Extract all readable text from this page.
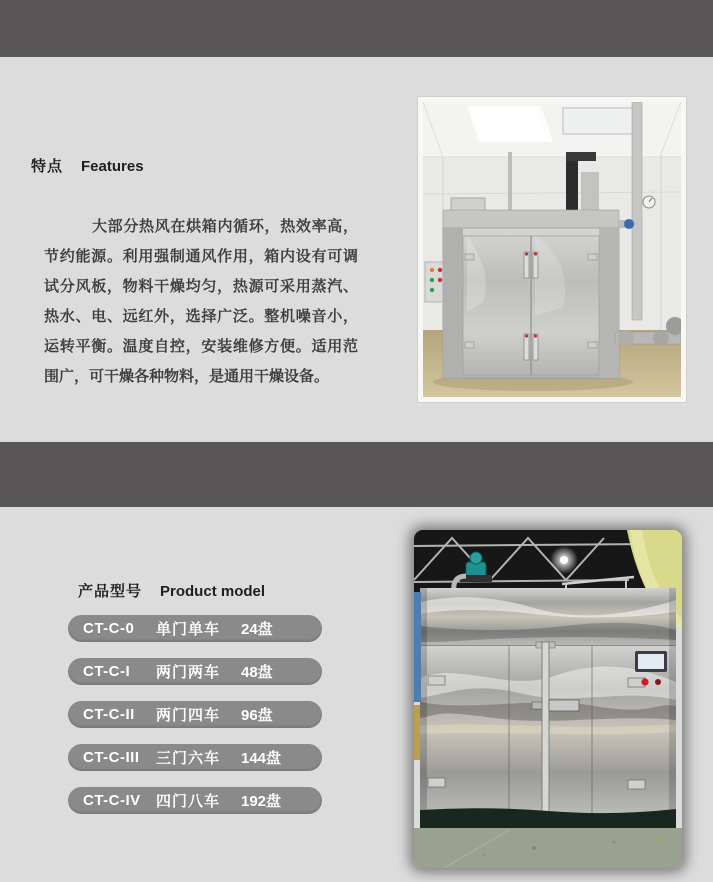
特点 Features
大部分热风在烘箱内循环，热效率高，节约能源。利用强制通风作用，箱内设有可调试分风板，物料干燥均匀，热源可采用蒸汽、热水、电、远红外，选择广泛。整机噪音小，运转平衡。温度自控，安装维修方便。适用范围广，可干燥各种物料，是通用干燥设备。
产品型号 Product model
CT-C-0	单门单车	24盘
CT-C-I	两门两车	48盘
CT-C-II	两门四车	96盘
CT-C-III	三门六车	144盘
CT-C-IV	四门八车	192盘
